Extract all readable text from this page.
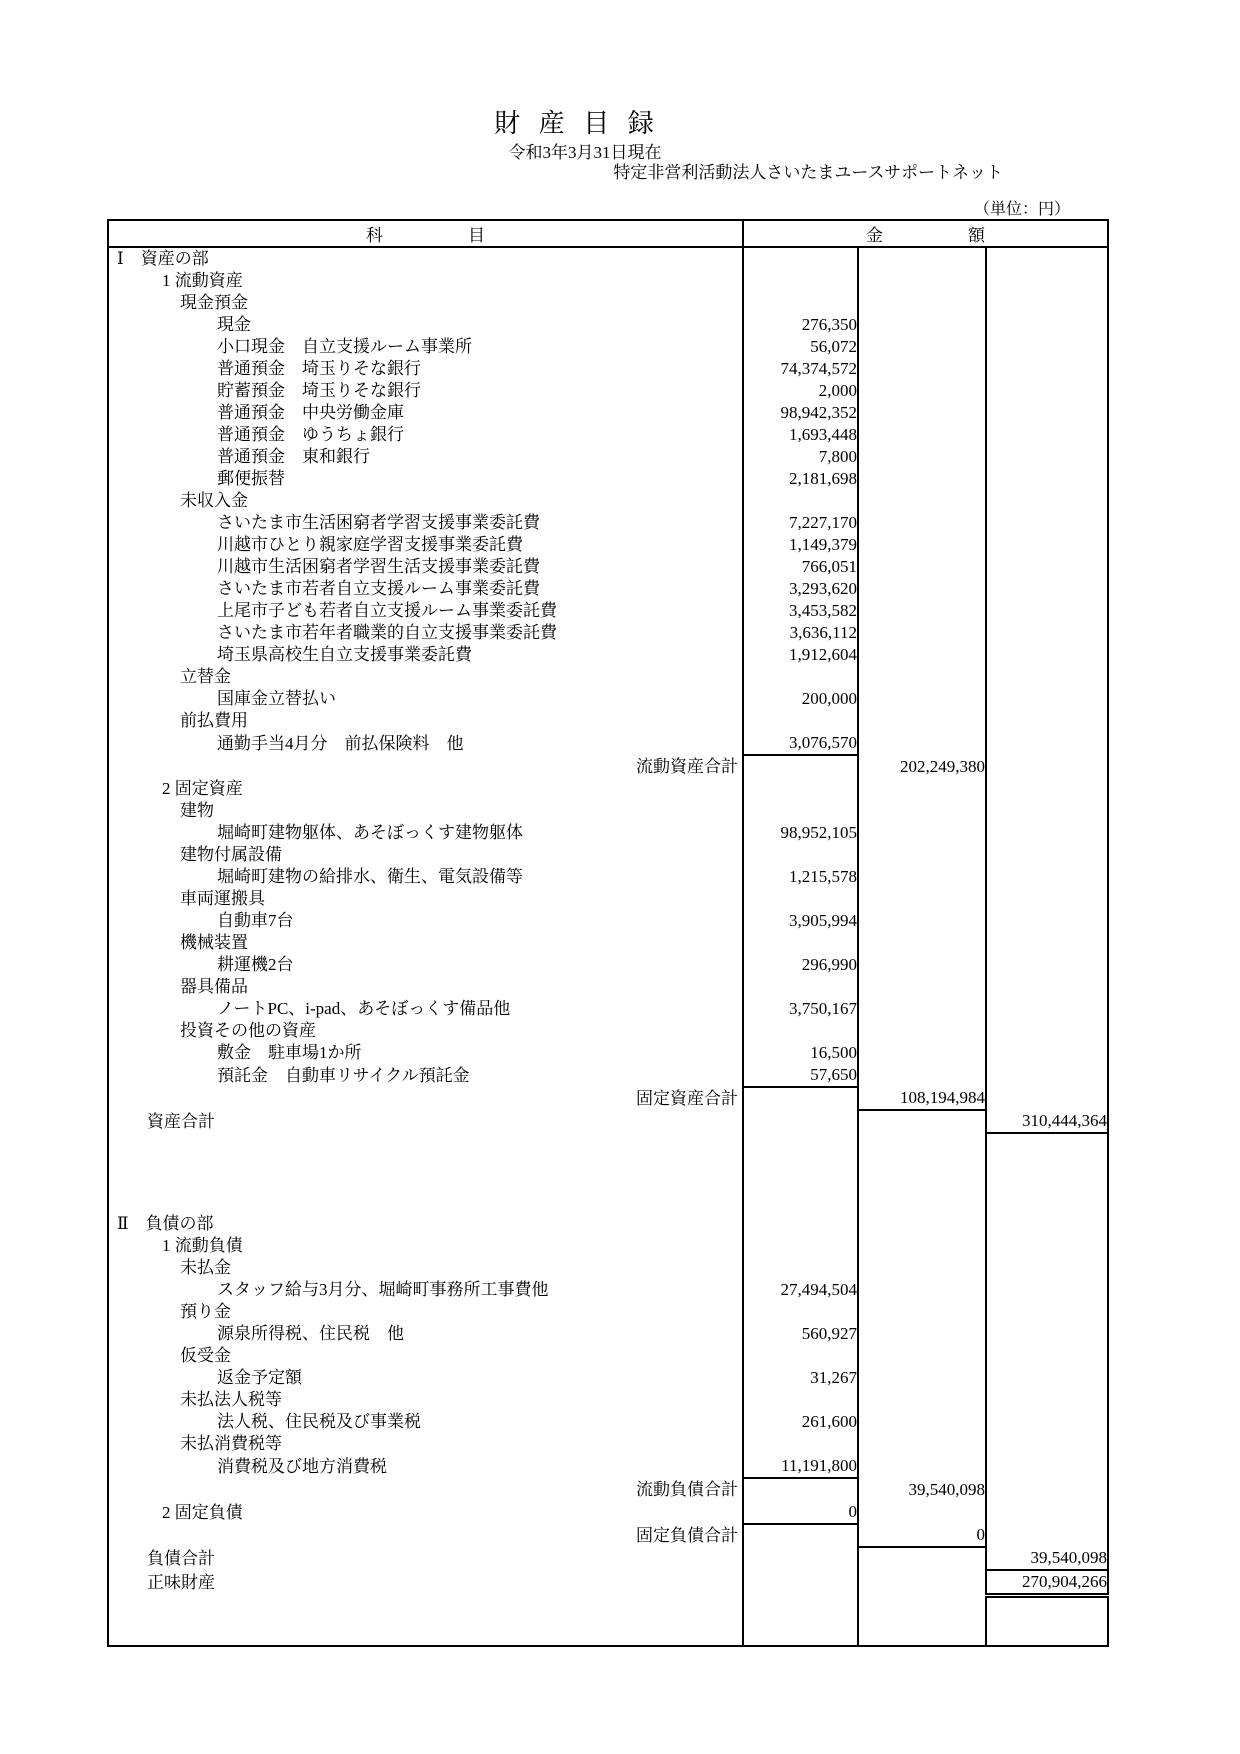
財 産 目 録
令和3年3月31日現在
特定非営利活動法人さいたまユースサポートネット
（単位：円）
科　　　　　目	金　　　　　額		
Ⅰ　資産の部			
1 流動資産			
現金預金			
現金	276,350		
小口現金　自立支援ルーム事業所	56,072		
普通預金　埼玉りそな銀行	74,374,572		
貯蓄預金　埼玉りそな銀行	2,000		
普通預金　中央労働金庫	98,942,352		
普通預金　ゆうちょ銀行	1,693,448		
普通預金　東和銀行	7,800		
郵便振替	2,181,698		
未収入金			
さいたま市生活困窮者学習支援事業委託費	7,227,170		
川越市ひとり親家庭学習支援事業委託費	1,149,379		
川越市生活困窮者学習生活支援事業委託費	766,051		
さいたま市若者自立支援ルーム事業委託費	3,293,620		
上尾市子ども若者自立支援ルーム事業委託費	3,453,582		
さいたま市若年者職業的自立支援事業委託費	3,636,112		
埼玉県高校生自立支援事業委託費	1,912,604		
立替金			
国庫金立替払い	200,000		
前払費用			
通勤手当4月分　前払保険料　他	3,076,570		
流動資産合計		202,249,380	
2 固定資産			
建物			
堀崎町建物躯体、あそぼっくす建物躯体	98,952,105		
建物付属設備			
堀崎町建物の給排水、衛生、電気設備等	1,215,578		
車両運搬具			
自動車7台	3,905,994		
機械装置			
耕運機2台	296,990		
器具備品			
ノートPC、i-pad、あそぼっくす備品他	3,750,167		
投資その他の資産			
敷金　駐車場1か所	16,500		
預託金　自動車リサイクル預託金	57,650		
固定資産合計		108,194,984	
資産合計			310,444,364

Ⅱ　負債の部			
1 流動負債			
未払金			
スタッフ給与3月分、堀崎町事務所工事費他	27,494,504		
預り金			
源泉所得税、住民税　他	560,927		
仮受金			
返金予定額	31,267		
未払法人税等			
法人税、住民税及び事業税	261,600		
未払消費税等			
消費税及び地方消費税	11,191,800		
流動負債合計		39,540,098	
2 固定負債	0		
固定負債合計		0	
負債合計			39,540,098
正味財産			270,904,266
